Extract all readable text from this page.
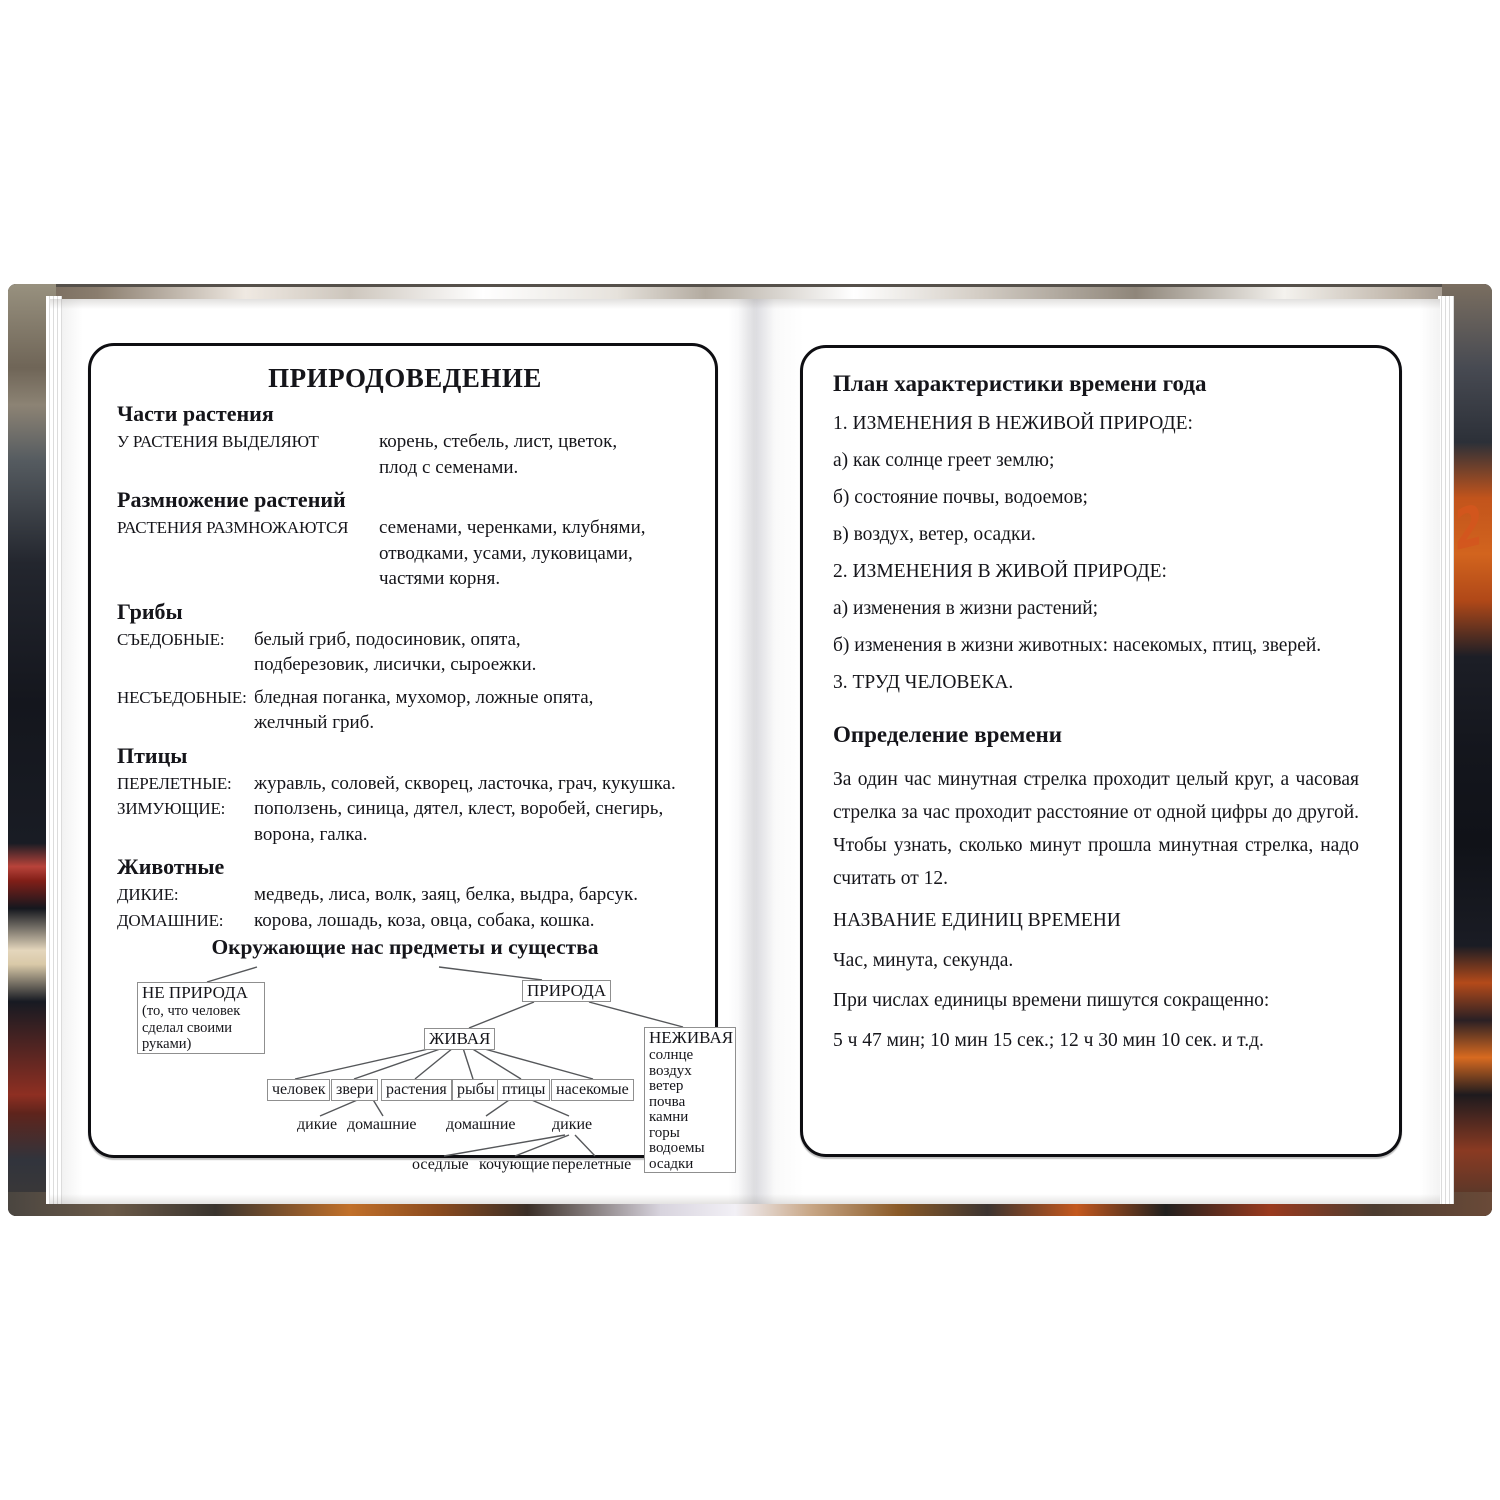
2
ПРИРОДОВЕДЕНИЕ
Части растения
У РАСТЕНИЯ ВЫДЕЛЯЮТ	корень, стебель, лист, цветок,
плод с семенами.
Размножение растений
РАСТЕНИЯ РАЗМНОЖАЮТСЯ	семенами, черенками, клубнями,
отводками, усами, луковицами,
частями корня.
Грибы
СЪЕДОБНЫЕ:	белый гриб, подосиновик, опята,
подберезовик, лисички, сыроежки.
НЕСЪЕДОБНЫЕ: бледная поганка, мухомор, ложные опята,
желчный гриб.
Птицы
ПЕРЕЛЕТНЫЕ:	журавль, соловей, скворец, ласточка, грач, кукушка.
ЗИМУЮЩИЕ:	поползень, синица, дятел, клест, воробей, снегирь,
ворона, галка.
Животные
ДИКИЕ:	медведь, лиса, волк, заяц, белка, выдра, барсук.
ДОМАШНИЕ:	корова, лошадь, коза, овца, собака, кошка.
Окружающие нас предметы и существа
НЕ ПРИРОДА
(то, что человек
сделал своими
руками)
ПРИРОДА
ЖИВАЯ	НЕЖИВАЯ
солнце
воздух
ветер
почва
камни
горы
водоемы
осадки
человек звери растения рыбы птицы насекомые
дикие домашние домашние дикие
оседлые кочующие перелетные
План характеристики времени года
1. ИЗМЕНЕНИЯ В НЕЖИВОЙ ПРИРОДЕ:
а) как солнце греет землю;
б) состояние почвы, водоемов;
в) воздух, ветер, осадки.
2. ИЗМЕНЕНИЯ В ЖИВОЙ ПРИРОДЕ:
а) изменения в жизни растений;
б) изменения в жизни животных: насекомых, птиц, зверей.
3. ТРУД ЧЕЛОВЕКА.
Определение времени
За один час минутная стрелка проходит целый круг, а часовая стрелка за час проходит расстояние от одной цифры до другой. Чтобы узнать, сколько минут прошла минутная стрелка, надо считать от 12.
НАЗВАНИЕ ЕДИНИЦ ВРЕМЕНИ
Час, минута, секунда.
При числах единицы времени пишутся сокращенно:
5 ч 47 мин; 10 мин 15 сек.; 12 ч 30 мин 10 сек. и т.д.
